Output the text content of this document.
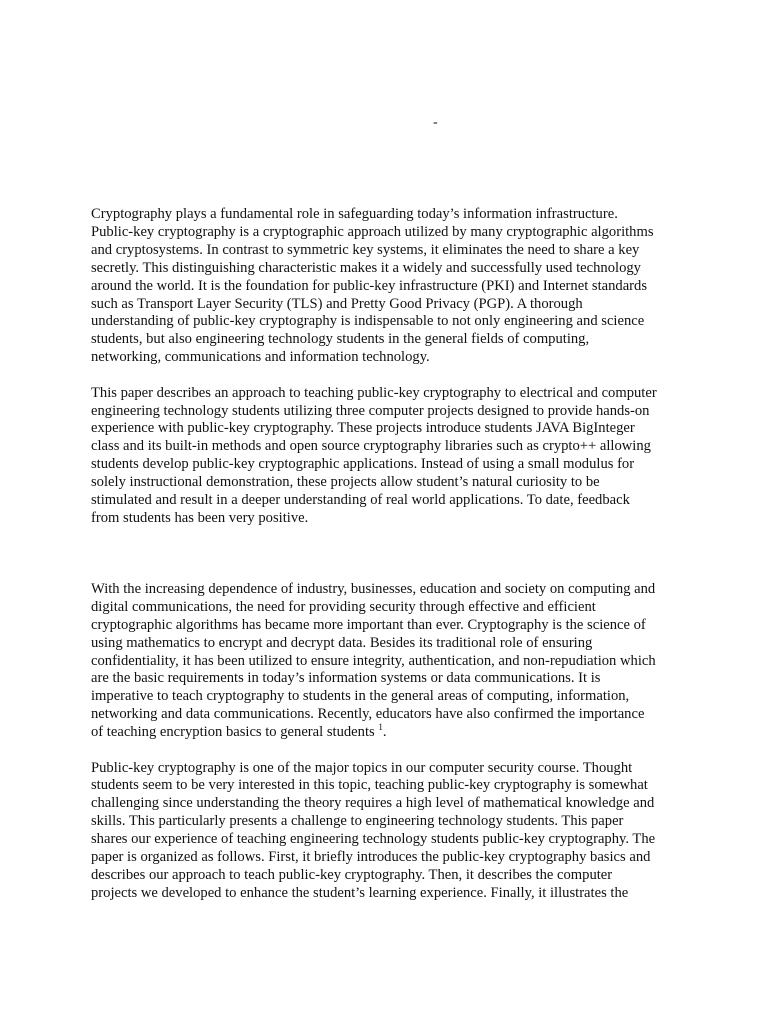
-

Cryptography plays a fundamental role in safeguarding today’s information infrastructure.
Public-key cryptography is a cryptographic approach utilized by many cryptographic algorithms
and cryptosystems. In contrast to symmetric key systems, it eliminates the need to share a key
secretly. This distinguishing characteristic makes it a widely and successfully used technology
around the world. It is the foundation for public-key infrastructure (PKI) and Internet standards
such as Transport Layer Security (TLS) and Pretty Good Privacy (PGP). A thorough
understanding of public-key cryptography is indispensable to not only engineering and science
students, but also engineering technology students in the general fields of computing,
networking, communications and information technology.

This paper describes an approach to teaching public-key cryptography to electrical and computer
engineering technology students utilizing three computer projects designed to provide hands-on
experience with public-key cryptography. These projects introduce students JAVA BigInteger
class and its built-in methods and open source cryptography libraries such as crypto++ allowing
students develop public-key cryptographic applications. Instead of using a small modulus for
solely instructional demonstration, these projects allow student’s natural curiosity to be
stimulated and result in a deeper understanding of real world applications. To date, feedback
from students has been very positive.

With the increasing dependence of industry, businesses, education and society on computing and
digital communications, the need for providing security through effective and efficient
cryptographic algorithms has became more important than ever. Cryptography is the science of
using mathematics to encrypt and decrypt data. Besides its traditional role of ensuring
confidentiality, it has been utilized to ensure integrity, authentication, and non-repudiation which
are the basic requirements in today’s information systems or data communications. It is
imperative to teach cryptography to students in the general areas of computing, information,
networking and data communications. Recently, educators have also confirmed the importance
of teaching encryption basics to general students $^1$.

Public-key cryptography is one of the major topics in our computer security course. Thought
students seem to be very interested in this topic, teaching public-key cryptography is somewhat
challenging since understanding the theory requires a high level of mathematical knowledge and
skills. This particularly presents a challenge to engineering technology students. This paper
shares our experience of teaching engineering technology students public-key cryptography. The
paper is organized as follows. First, it briefly introduces the public-key cryptography basics and
describes our approach to teach public-key cryptography. Then, it describes the computer
projects we developed to enhance the student’s learning experience. Finally, it illustrates the
